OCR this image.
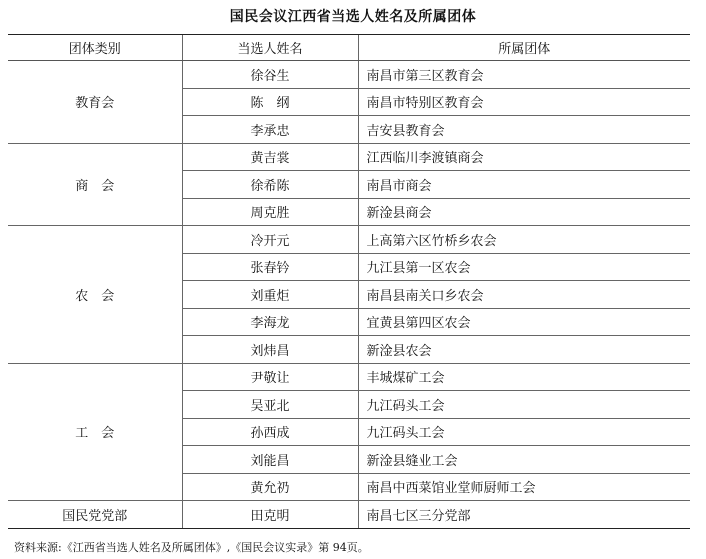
国民会议江西省当选人姓名及所属团体
团体类别	当选人姓名	所属团体
教育会	徐谷生	南昌市第三区教育会
	陈　纲	南昌市特别区教育会
	李承忠	吉安县教育会
商　会	黄吉裳	江西临川李渡镇商会
	徐希陈	南昌市商会
	周克胜	新淦县商会
农　会	冷开元	上高第六区竹桥乡农会
	张春钤	九江县第一区农会
	刘重炬	南昌县南关口乡农会
	李海龙	宜黄县第四区农会
	刘炜昌	新淦县农会
工　会	尹敬让	丰城煤矿工会
	吴亚北	九江码头工会
	孙西成	九江码头工会
	刘能昌	新淦县缝业工会
	黄允礽	南昌中西菜馆业堂师厨师工会
国民党党部	田克明	南昌七区三分党部
资料来源:《江西省当选人姓名及所属团体》,《国民会议实录》第 94页。
